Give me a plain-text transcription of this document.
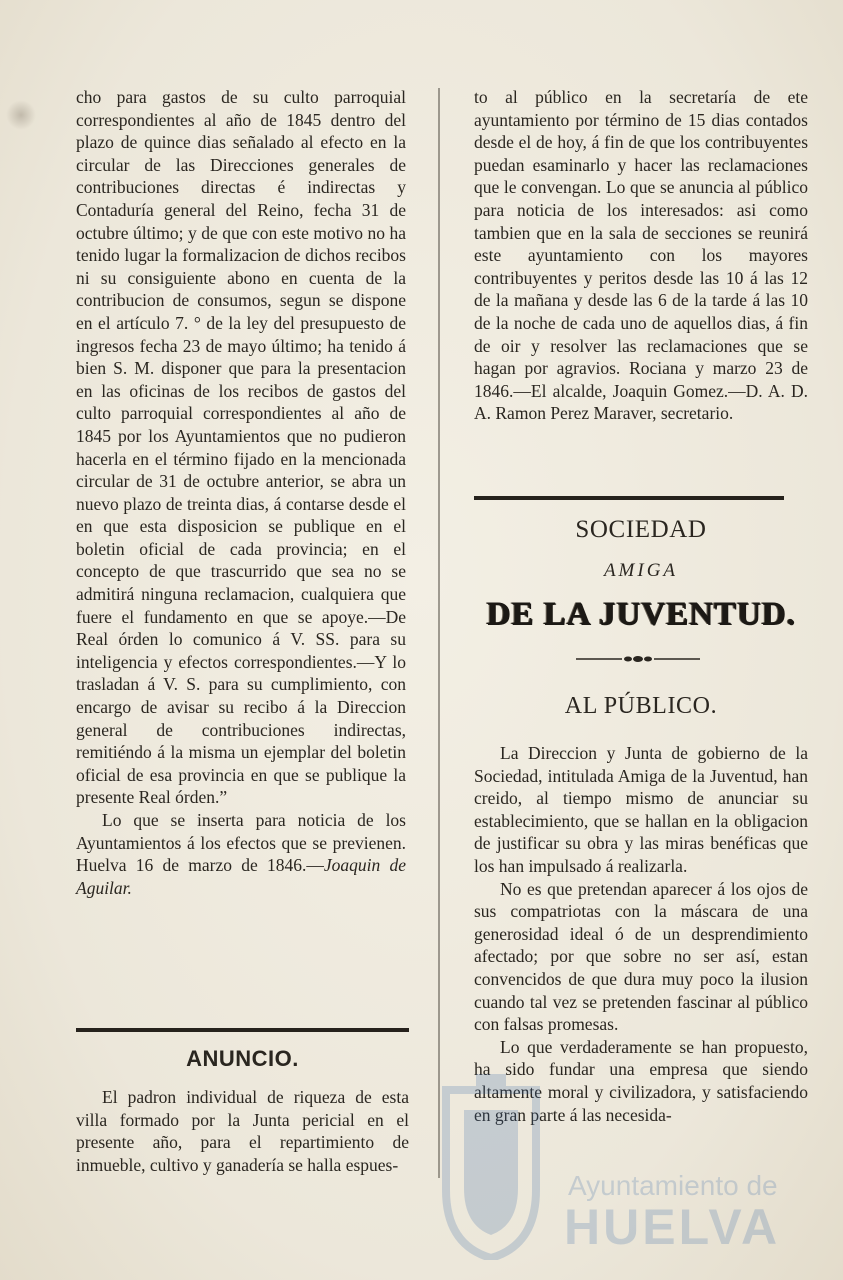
cho para gastos de su culto parroquial correspondientes al año de 1845 dentro del plazo de quince dias señalado al efecto en la circular de las Direcciones generales de contribuciones directas é indirectas y Contaduría general del Reino, fecha 31 de octubre último; y de que con este motivo no ha tenido lugar la formalizacion de dichos recibos ni su consiguiente abono en cuenta de la contribucion de consumos, segun se dispone en el artículo 7. ° de la ley del presupuesto de ingresos fecha 23 de mayo último; ha tenido á bien S. M. disponer que para la presentacion en las oficinas de los recibos de gastos del culto parroquial correspondientes al año de 1845 por los Ayuntamientos que no pudieron hacerla en el término fijado en la mencionada circular de 31 de octubre anterior, se abra un nuevo plazo de treinta dias, á contarse desde el en que esta disposicion se publique en el boletin oficial de cada provincia; en el concepto de que trascurrido que sea no se admitirá ninguna reclamacion, cualquiera que fuere el fundamento en que se apoye.—De Real órden lo comunico á V. SS. para su inteligencia y efectos correspondientes.—Y lo trasladan á V. S. para su cumplimiento, con encargo de avisar su recibo á la Direccion general de contribuciones indirectas, remitiéndo á la misma un ejemplar del boletin oficial de esa provincia en que se publique la presente Real órden.”

Lo que se inserta para noticia de los Ayuntamientos á los efectos que se previenen. Huelva 16 de marzo de 1846.—Joaquin de Aguilar.

ANUNCIO.

El padron individual de riqueza de esta villa formado por la Junta pericial en el presente año, para el repartimiento de inmueble, cultivo y ganadería se halla espues-

to al público en la secretaría de ete ayuntamiento por término de 15 dias contados desde el de hoy, á fin de que los contribuyentes puedan esaminarlo y hacer las reclamaciones que le convengan. Lo que se anuncia al público para noticia de los interesados: asi como tambien que en la sala de secciones se reunirá este ayuntamiento con los mayores contribuyentes y peritos desde las 10 á las 12 de la mañana y desde las 6 de la tarde á las 10 de la noche de cada uno de aquellos dias, á fin de oir y resolver las reclamaciones que se hagan por agravios. Rociana y marzo 23 de 1846.—El alcalde, Joaquin Gomez.—D. A. D. A. Ramon Perez Maraver, secretario.

SOCIEDAD
AMIGA
DE LA JUVENTUD.
AL PÚBLICO.

La Direccion y Junta de gobierno de la Sociedad, intitulada Amiga de la Juventud, han creido, al tiempo mismo de anunciar su establecimiento, que se hallan en la obligacion de justificar su obra y las miras benéficas que los han impulsado á realizarla.

No es que pretendan aparecer á los ojos de sus compatriotas con la máscara de una generosidad ideal ó de un desprendimiento afectado; por que sobre no ser así, estan convencidos de que dura muy poco la ilusion cuando tal vez se pretenden fascinar al público con falsas promesas.

Lo que verdaderamente se han propuesto, ha sido fundar una empresa que siendo altamente moral y civilizadora, y satisfaciendo en gran parte á las necesida-

Ayuntamiento de
HUELVA
